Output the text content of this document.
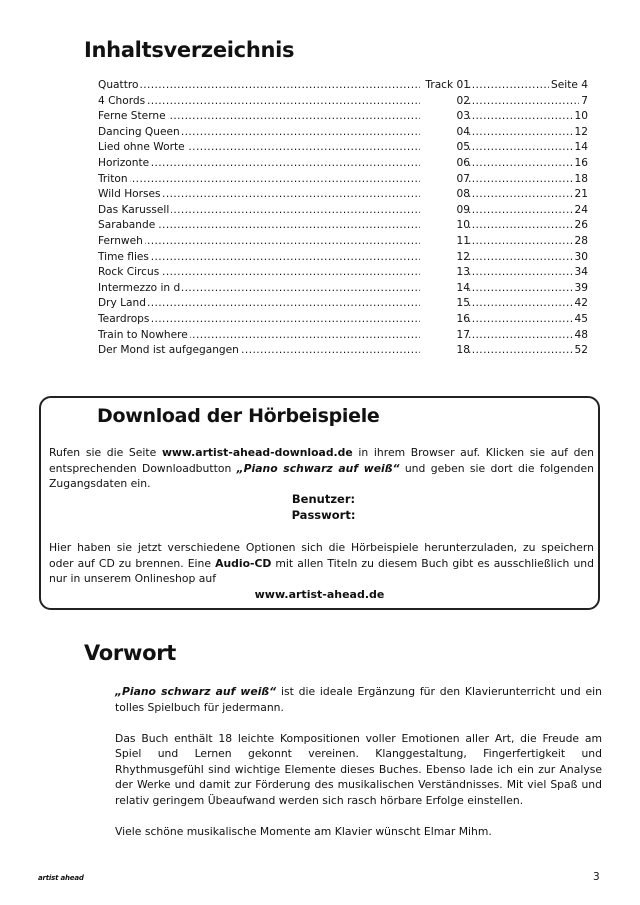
Inhaltsverzeichnis
.....
Quattro	Track 01 .....	Seite 4
.....
4 Chords	02 .....	7
.....
Ferne Sterne	03 .....	10
.....
Dancing Queen	04 .....	12
.....
Lied ohne Worte	05 .....	14
.....
Horizonte	06 .....	16
.....
Triton	07 .....	18
.....
Wild Horses	08 .....	21
.....
Das Karussell	09 .....	24
.....
Sarabande	10 .....	26
.....
Fernweh	11 .....	28
.....
Time flies	12 .....	30
.....
Rock Circus	13 .....	34
.....
Intermezzo in d	14 .....	39
.....
Dry Land	15 .....	42
.....
Teardrops	16 .....	45
.....
Train to Nowhere	17 .....	48
.....
Der Mond ist aufgegangen	18 .....	52
Download der Hörbeispiele
Rufen sie die Seite www.artist-ahead-download.de in ihrem Browser auf. Klicken sie auf den entsprechenden Downloadbutton „Piano schwarz auf weiß“ und geben sie dort die folgenden Zugangsdaten ein.
Benutzer:
Passwort:
Hier haben sie jetzt verschiedene Optionen sich die Hörbeispiele herunterzuladen, zu speichern oder auf CD zu brennen. Eine Audio-CD mit allen Titeln zu diesem Buch gibt es ausschließlich und nur in unserem Onlineshop auf
www.artist-ahead.de
Vorwort

„Piano schwarz auf weiß“ ist die ideale Ergänzung für den Klavierunterricht und ein tolles Spielbuch für jedermann.

Das Buch enthält 18 leichte Kompositionen voller Emotionen aller Art, die Freude am Spiel und Lernen gekonnt vereinen. Klanggestaltung, Fingerfertigkeit und Rhythmusgefühl sind wichtige Elemente dieses Buches. Ebenso lade ich ein zur Analyse der Werke und damit zur Förderung des musikalischen Verständnisses. Mit viel Spaß und relativ geringem Übeaufwand werden sich rasch hörbare Erfolge einstellen.

Viele schöne musikalische Momente am Klavier wünscht Elmar Mihm.

artist ahead	3
